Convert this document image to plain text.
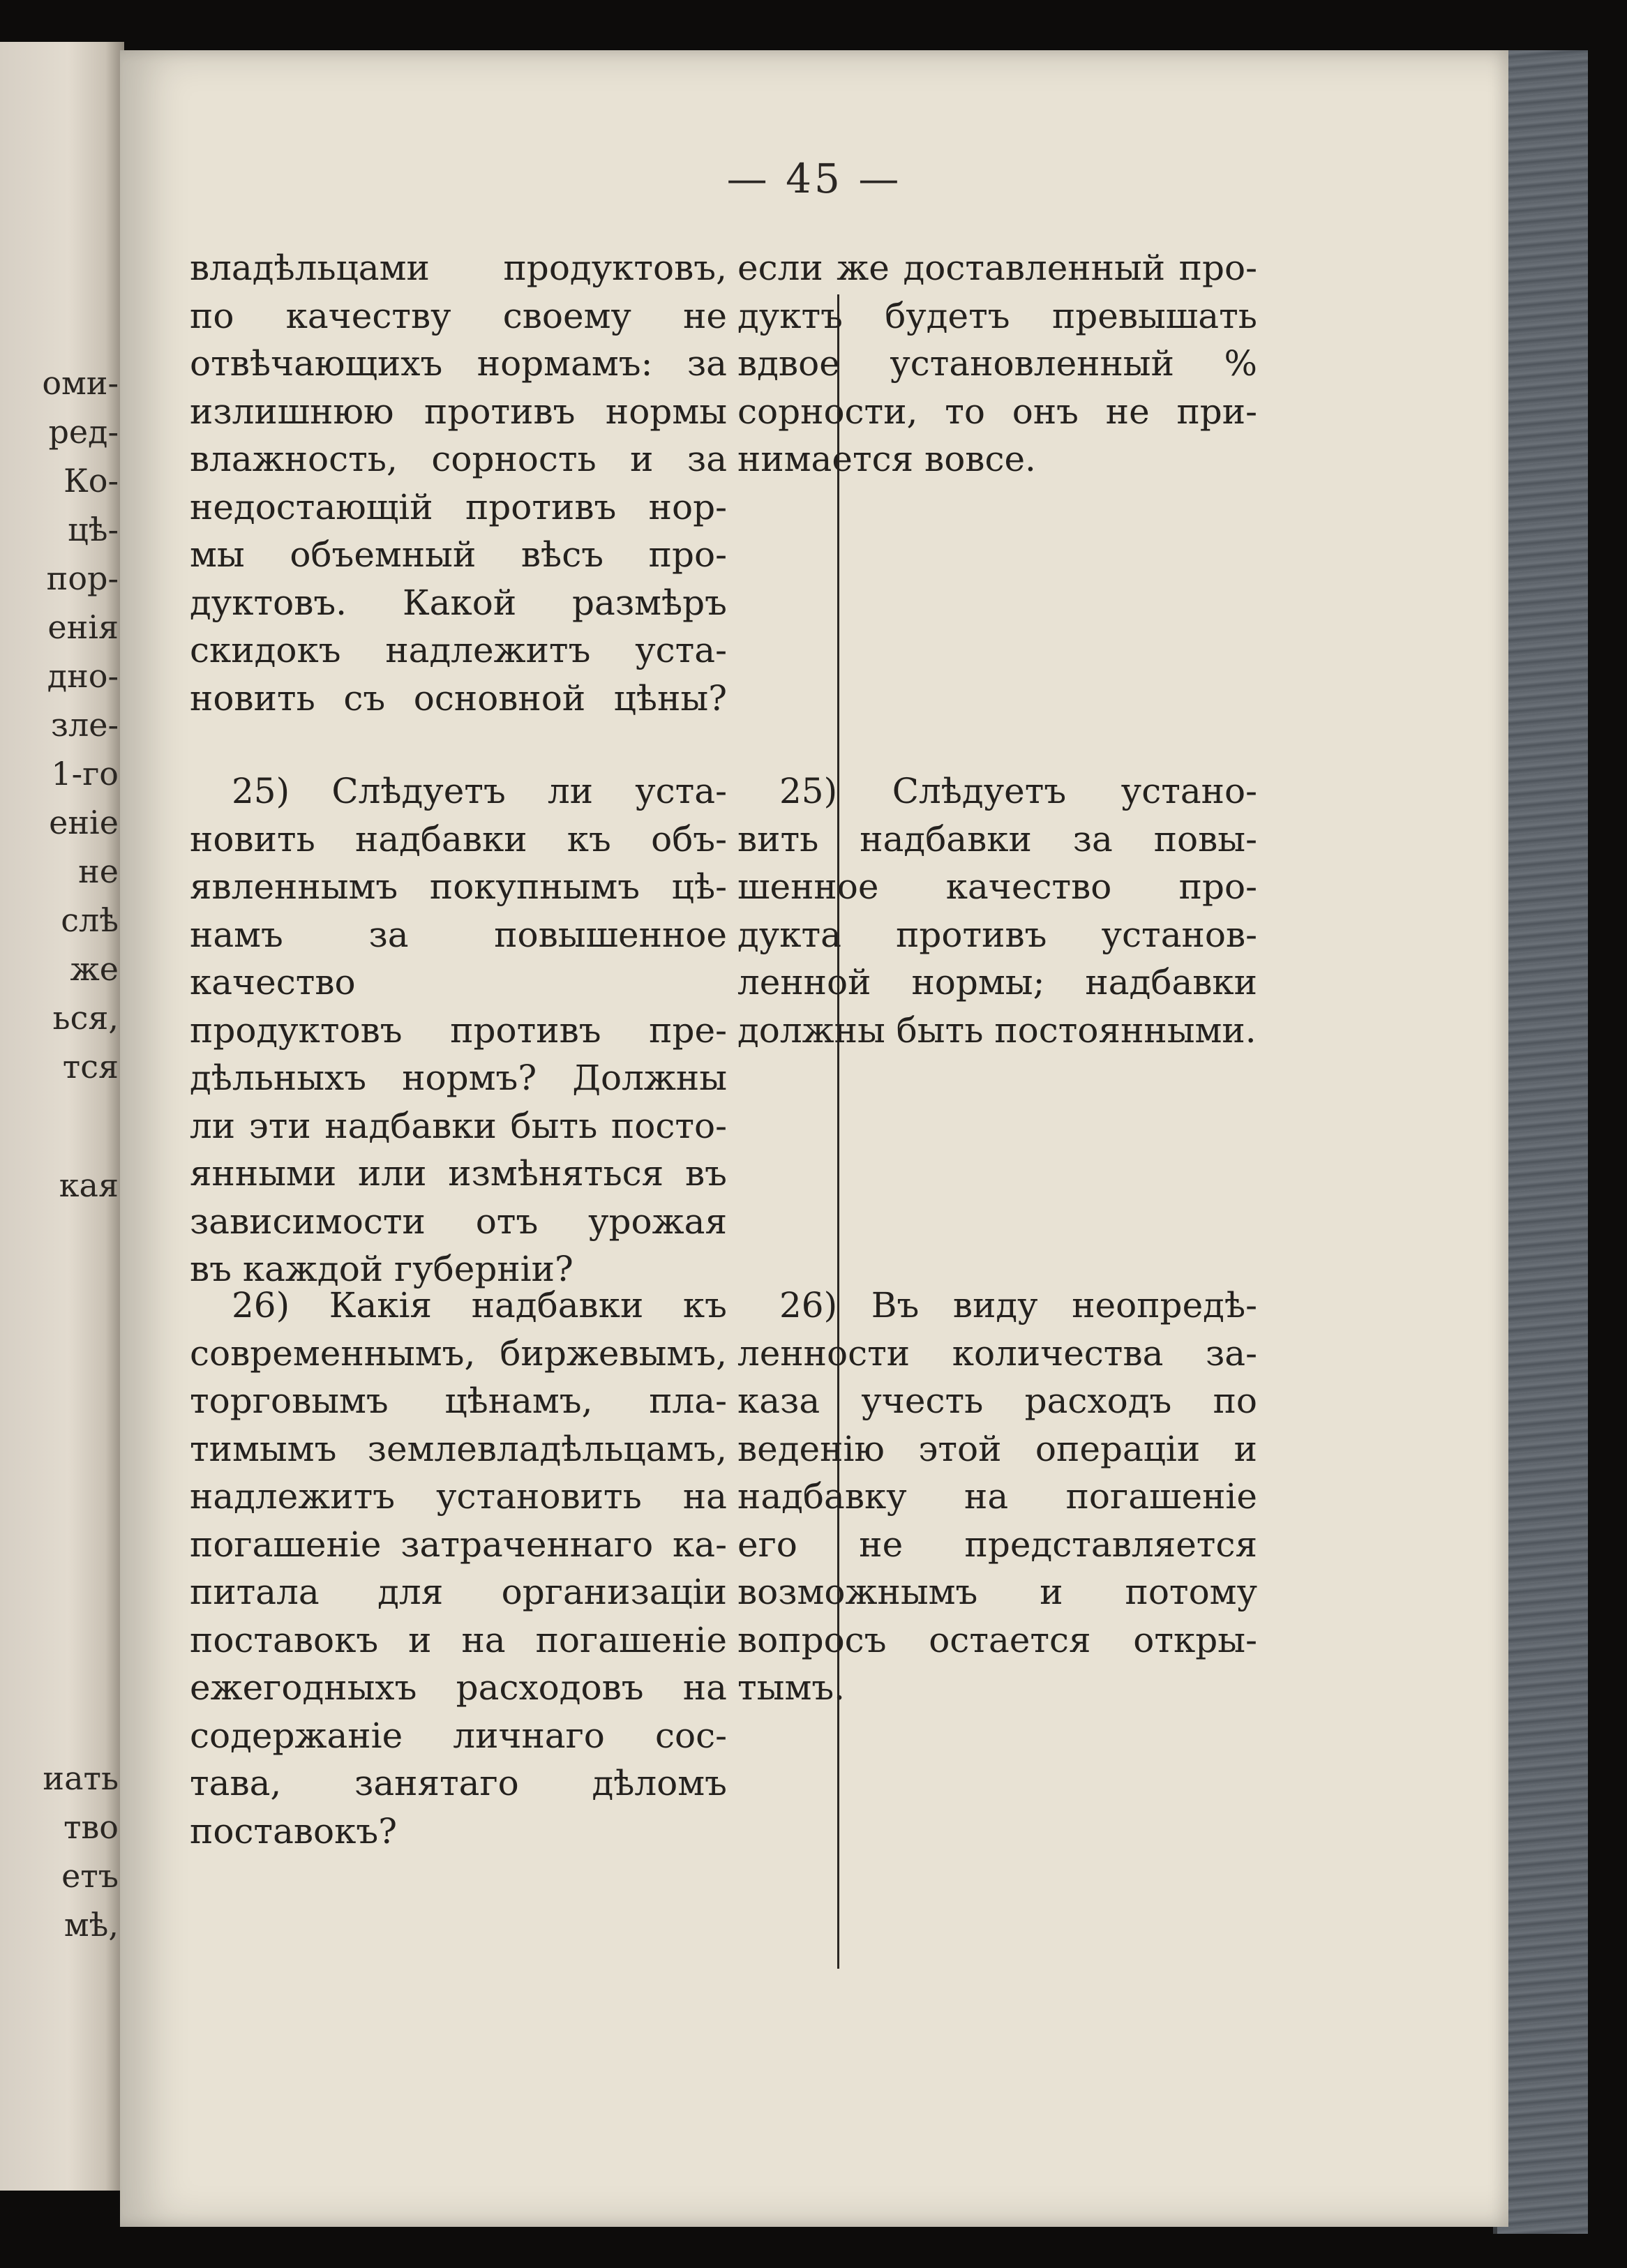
оми-
ред-
Ко-
цѣ-
пор-
енія
дно-
зле-
1-го
еніе
не
слѣ
же
ься,
тся
кая
иать
тво
етъ
мѣ,
— 45 —
владѣльцами продуктовъ,
по качеству своему не
отвѣчающихъ нормамъ: за
излишнюю противъ нормы
влажность, сорность и за
недостающій противъ нор-
мы объемный вѣсъ про-
дуктовъ. Какой размѣръ
скидокъ надлежитъ уста-
новить съ основной цѣны?
25) Слѣдуетъ ли уста-
новить надбавки къ объ-
явленнымъ покупнымъ цѣ-
намъ за повышенное качество
продуктовъ противъ пре-
дѣльныхъ нормъ? Должны
ли эти надбавки быть посто-
янными или измѣняться въ
зависимости отъ урожая
въ каждой губерніи?
26) Какія надбавки къ
современнымъ, биржевымъ,
торговымъ цѣнамъ, пла-
тимымъ землевладѣльцамъ,
надлежитъ установить на
погашеніе затраченнаго ка-
питала для организаціи
поставокъ и на погашеніе
ежегодныхъ расходовъ на
содержаніе личнаго сос-
тава, занятаго дѣломъ
поставокъ?
если же доставленный про-
дуктъ будетъ превышать
вдвое установленный %
сорности, то онъ не при-
нимается вовсе.
25) Слѣдуетъ устано-
вить надбавки за повы-
шенное качество про-
дукта противъ установ-
ленной нормы; надбавки
должны быть постоянными.
26) Въ виду неопредѣ-
ленности количества за-
каза учесть расходъ по
веденію этой операціи и
надбавку на погашеніе
его не представляется
возможнымъ и потому
вопросъ остается откры-
тымъ.
